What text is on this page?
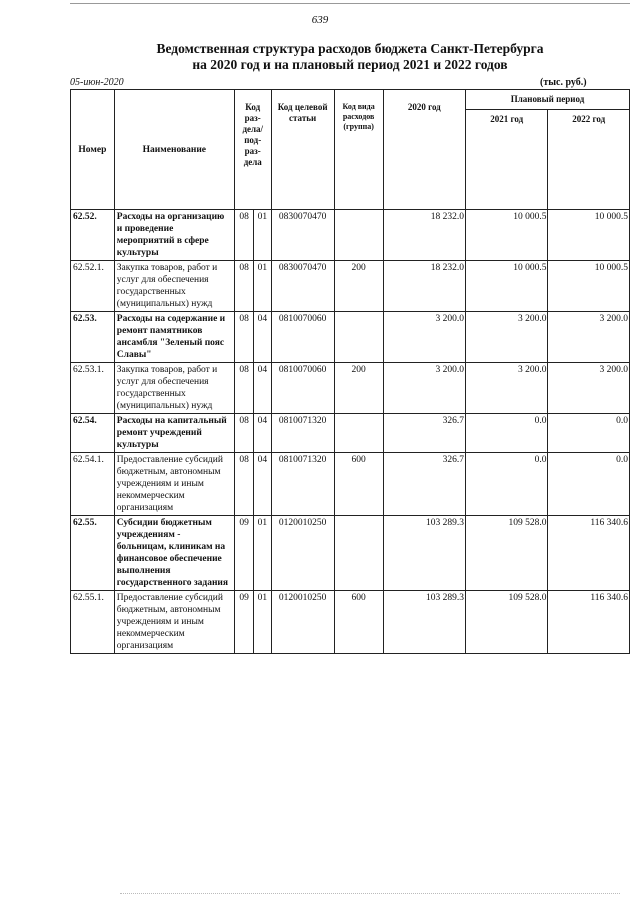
639
Ведомственная структура расходов бюджета Санкт-Петербурга
на 2020 год и на плановый период 2021 и 2022 годов
05-июн-2020	(тыс. руб.)
Номер	Наименование	Код раз- дела/ под- раз- дела		Код целевой статьи	Код вида расходов (группа)	2020 год	Плановый период	
							2021 год	2022 год
62.52.	Расходы на организацию и проведение мероприятий в сфере культуры	08	01	0830070470		18 232.0	10 000.5	10 000.5
62.52.1.	Закупка товаров, работ и услуг для обеспечения государственных (муниципальных) нужд	08	01	0830070470	200	18 232.0	10 000.5	10 000.5
62.53.	Расходы на содержание и ремонт памятников ансамбля "Зеленый пояс Славы"	08	04	0810070060		3 200.0	3 200.0	3 200.0
62.53.1.	Закупка товаров, работ и услуг для обеспечения государственных (муниципальных) нужд	08	04	0810070060	200	3 200.0	3 200.0	3 200.0
62.54.	Расходы на капитальный ремонт учреждений культуры	08	04	0810071320		326.7	0.0	0.0
62.54.1.	Предоставление субсидий бюджетным, автономным учреждениям и иным некоммерческим организациям	08	04	0810071320	600	326.7	0.0	0.0
62.55.	Субсидии бюджетным учреждениям - больницам, клиникам на финансовое обеспечение выполнения государственного задания	09	01	0120010250		103 289.3	109 528.0	116 340.6
62.55.1.	Предоставление субсидий бюджетным, автономным учреждениям и иным некоммерческим организациям	09	01	0120010250	600	103 289.3	109 528.0	116 340.6
